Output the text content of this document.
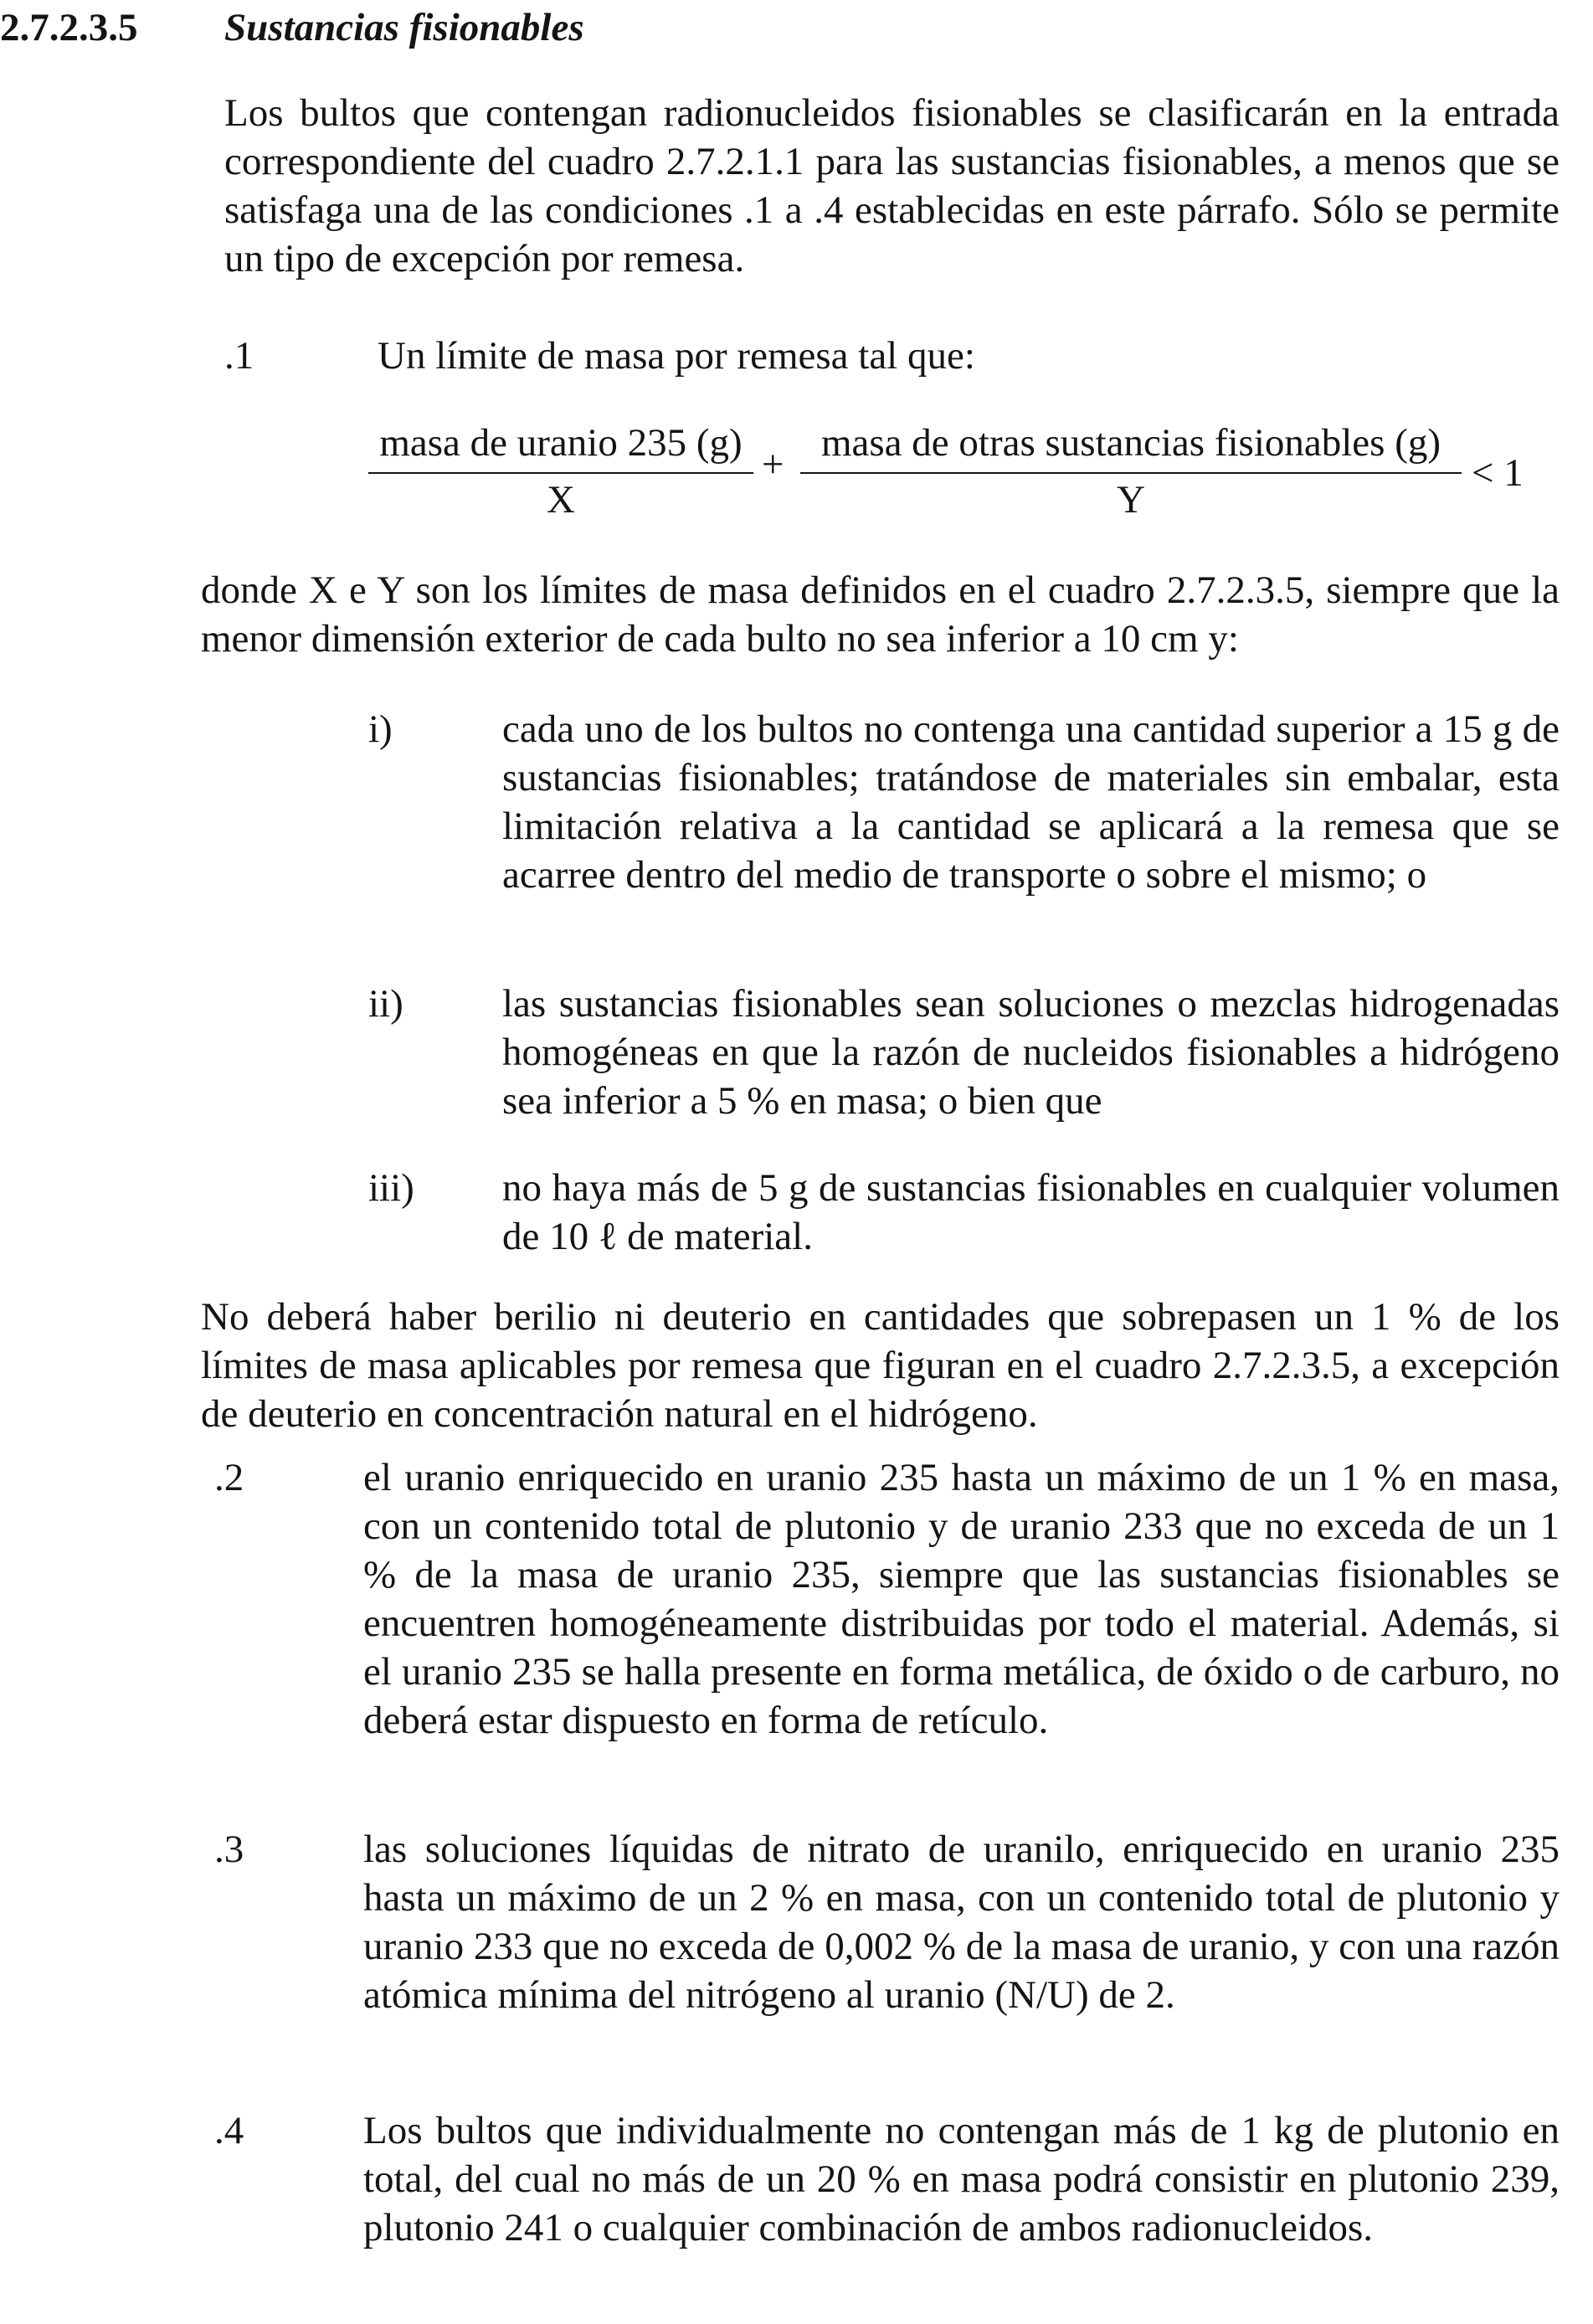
2.7.2.3.5 Sustancias fisionables

Los bultos que contengan radionucleidos fisionables se clasificarán en la entrada correspondiente del cuadro 2.7.2.1.1 para las sustancias fisionables, a menos que se satisfaga una de las condiciones .1 a .4 establecidas en este párrafo. Sólo se permite un tipo de excepción por remesa.

.1	Un límite de masa por remesa tal que:

masa de uranio 235 (g)
X
+ masa de otras sustancias fisionables (g)
Y
< 1

donde X e Y son los límites de masa definidos en el cuadro 2.7.2.3.5, siempre que la menor dimensión exterior de cada bulto no sea inferior a 10 cm y:

i)	cada uno de los bultos no contenga una cantidad superior a 15 g de sustancias fisionables; tratándose de materiales sin embalar, esta limitación relativa a la cantidad se aplicará a la remesa que se acarree dentro del medio de transporte o sobre el mismo; o

ii)	las sustancias fisionables sean soluciones o mezclas hidrogenadas homogéneas en que la razón de nucleidos fisionables a hidrógeno sea inferior a 5 % en masa; o bien que

iii) no haya más de 5 g de sustancias fisionables en cualquier volumen de 10 ℓ de material.

No deberá haber berilio ni deuterio en cantidades que sobrepasen un 1 % de los límites de masa aplicables por remesa que figuran en el cuadro 2.7.2.3.5, a excepción de deuterio en concentración natural en el hidrógeno.

.2	el uranio enriquecido en uranio 235 hasta un máximo de un 1 % en masa, con un contenido total de plutonio y de uranio 233 que no exceda de un 1 % de la masa de uranio 235, siempre que las sustancias fisionables se encuentren homogéneamente distribuidas por todo el material. Además, si el uranio 235 se halla presente en forma metálica, de óxido o de carburo, no deberá estar dispuesto en forma de retículo.

.3	las soluciones líquidas de nitrato de uranilo, enriquecido en uranio 235 hasta un máximo de un 2 % en masa, con un contenido total de plutonio y uranio 233 que no exceda de 0,002 % de la masa de uranio, y con una razón atómica mínima del nitrógeno al uranio (N/U) de 2.

.4	Los bultos que individualmente no contengan más de 1 kg de plutonio en total, del cual no más de un 20 % en masa podrá consistir en plutonio 239, plutonio 241 o cualquier combinación de ambos radionucleidos.
